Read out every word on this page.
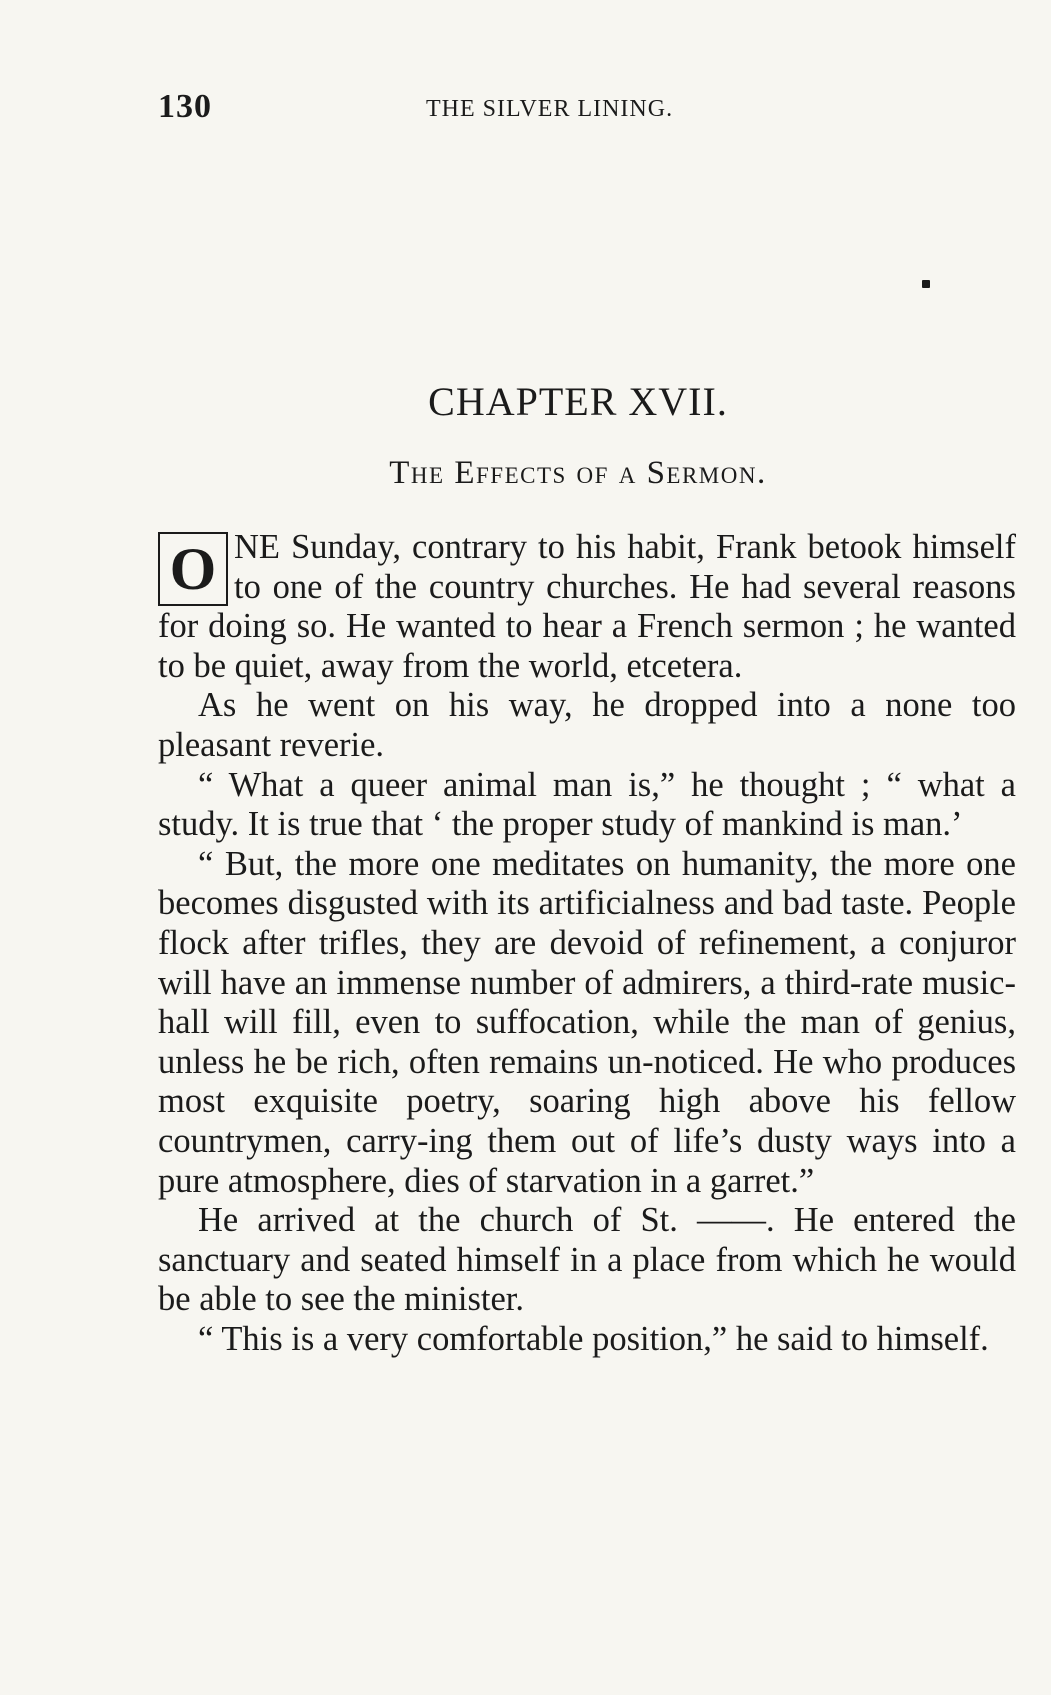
130	THE SILVER LINING.
CHAPTER XVII.
The Effects of a Sermon.

O NE Sunday, contrary to his habit, Frank betook himself to one of the country churches. He had several reasons for doing so. He wanted to hear a French sermon ; he wanted to be quiet, away from the world, etcetera.

As he went on his way, he dropped into a none too pleasant reverie.

“ What a queer animal man is,” he thought ; “ what a study. It is true that ‘ the proper study of mankind is man.’

“ But, the more one meditates on humanity, the more one becomes disgusted with its artificialness and bad taste. People flock after trifles, they are devoid of refinement, a conjuror will have an immense number of admirers, a third-rate music-hall will fill, even to suffocation, while the man of genius, unless he be rich, often remains un-noticed. He who produces most exquisite poetry, soaring high above his fellow countrymen, carry-ing them out of life’s dusty ways into a pure atmosphere, dies of starvation in a garret.”

He arrived at the church of St. ——. He entered the sanctuary and seated himself in a place from which he would be able to see the minister.

“ This is a very comfortable position,” he said to himself.
